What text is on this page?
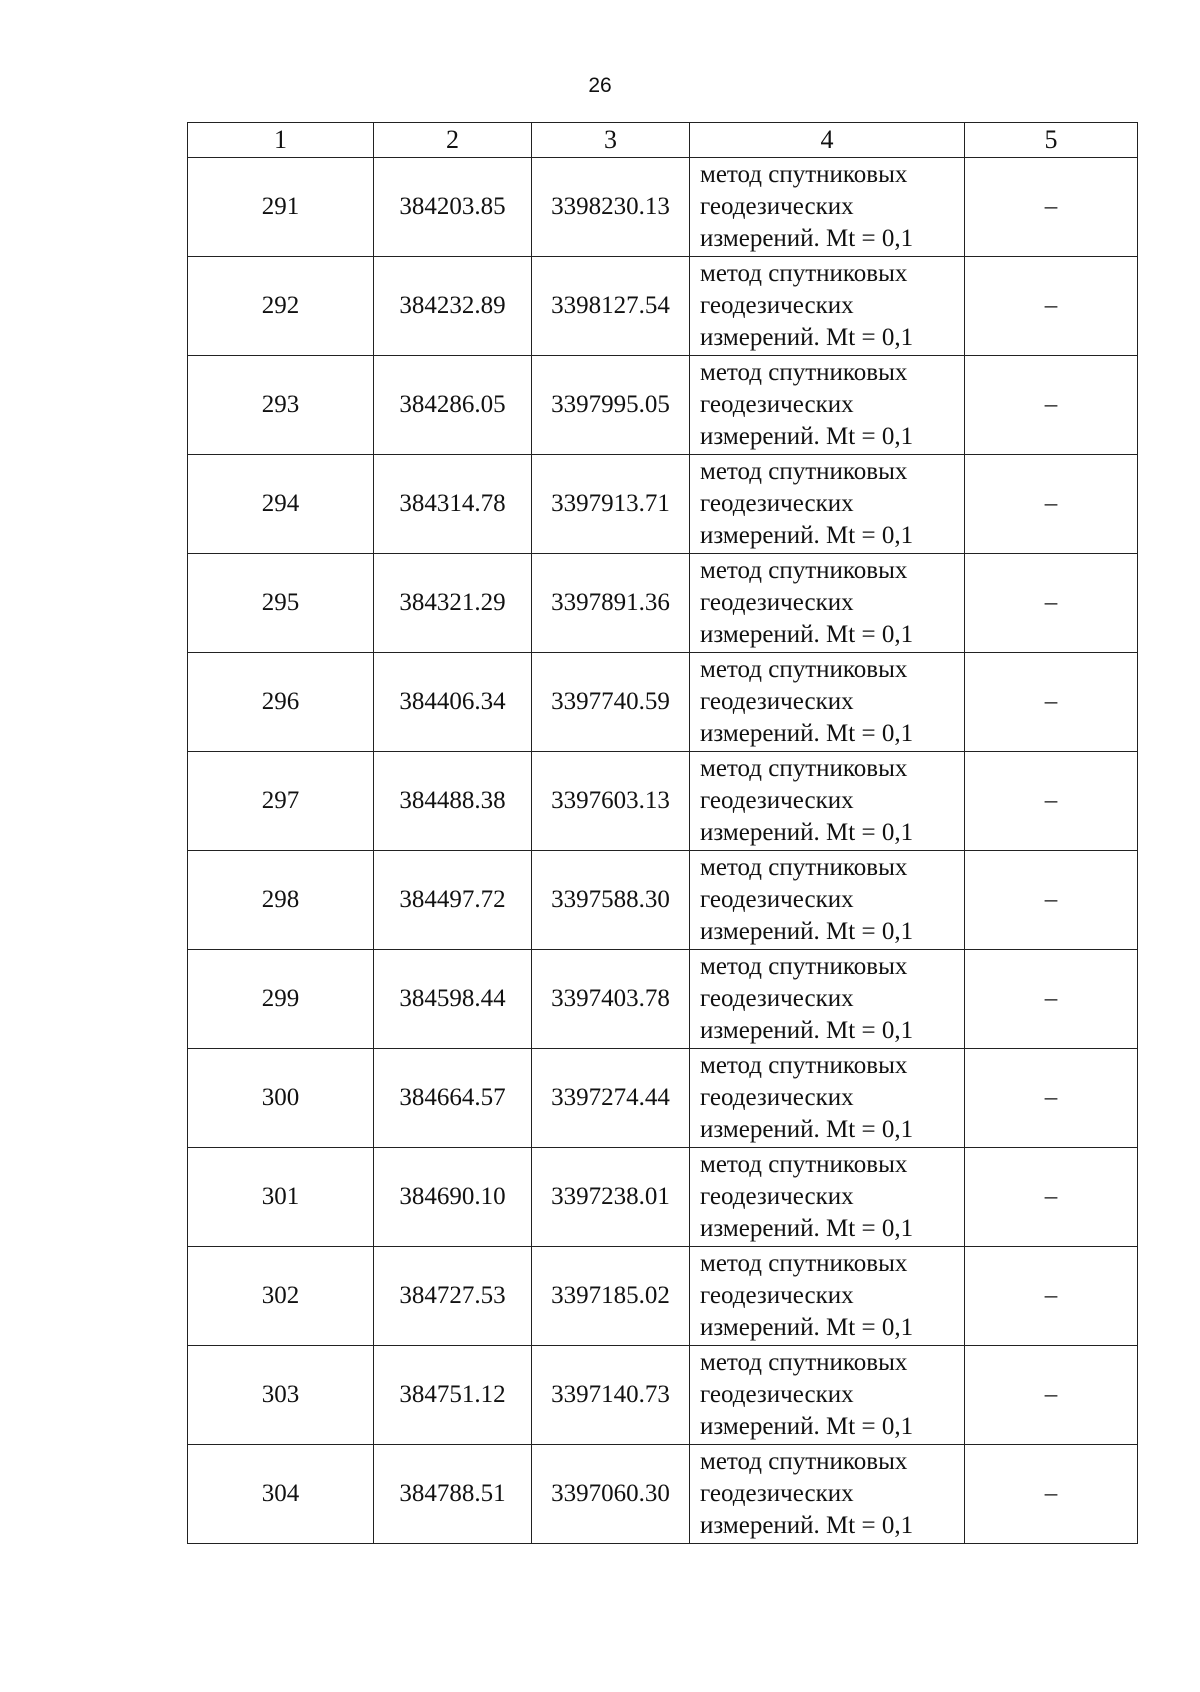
26
1	2	3	4	5
291	384203.85	3398230.13	метод спутниковых
геодезических
измерений. Mt = 0,1	–
292	384232.89	3398127.54	метод спутниковых
геодезических
измерений. Mt = 0,1	–
293	384286.05	3397995.05	метод спутниковых
геодезических
измерений. Mt = 0,1	–
294	384314.78	3397913.71	метод спутниковых
геодезических
измерений. Mt = 0,1	–
295	384321.29	3397891.36	метод спутниковых
геодезических
измерений. Mt = 0,1	–
296	384406.34	3397740.59	метод спутниковых
геодезических
измерений. Mt = 0,1	–
297	384488.38	3397603.13	метод спутниковых
геодезических
измерений. Mt = 0,1	–
298	384497.72	3397588.30	метод спутниковых
геодезических
измерений. Mt = 0,1	–
299	384598.44	3397403.78	метод спутниковых
геодезических
измерений. Mt = 0,1	–
300	384664.57	3397274.44	метод спутниковых
геодезических
измерений. Mt = 0,1	–
301	384690.10	3397238.01	метод спутниковых
геодезических
измерений. Mt = 0,1	–
302	384727.53	3397185.02	метод спутниковых
геодезических
измерений. Mt = 0,1	–
303	384751.12	3397140.73	метод спутниковых
геодезических
измерений. Mt = 0,1	–
304	384788.51	3397060.30	метод спутниковых
геодезических
измерений. Mt = 0,1	–
